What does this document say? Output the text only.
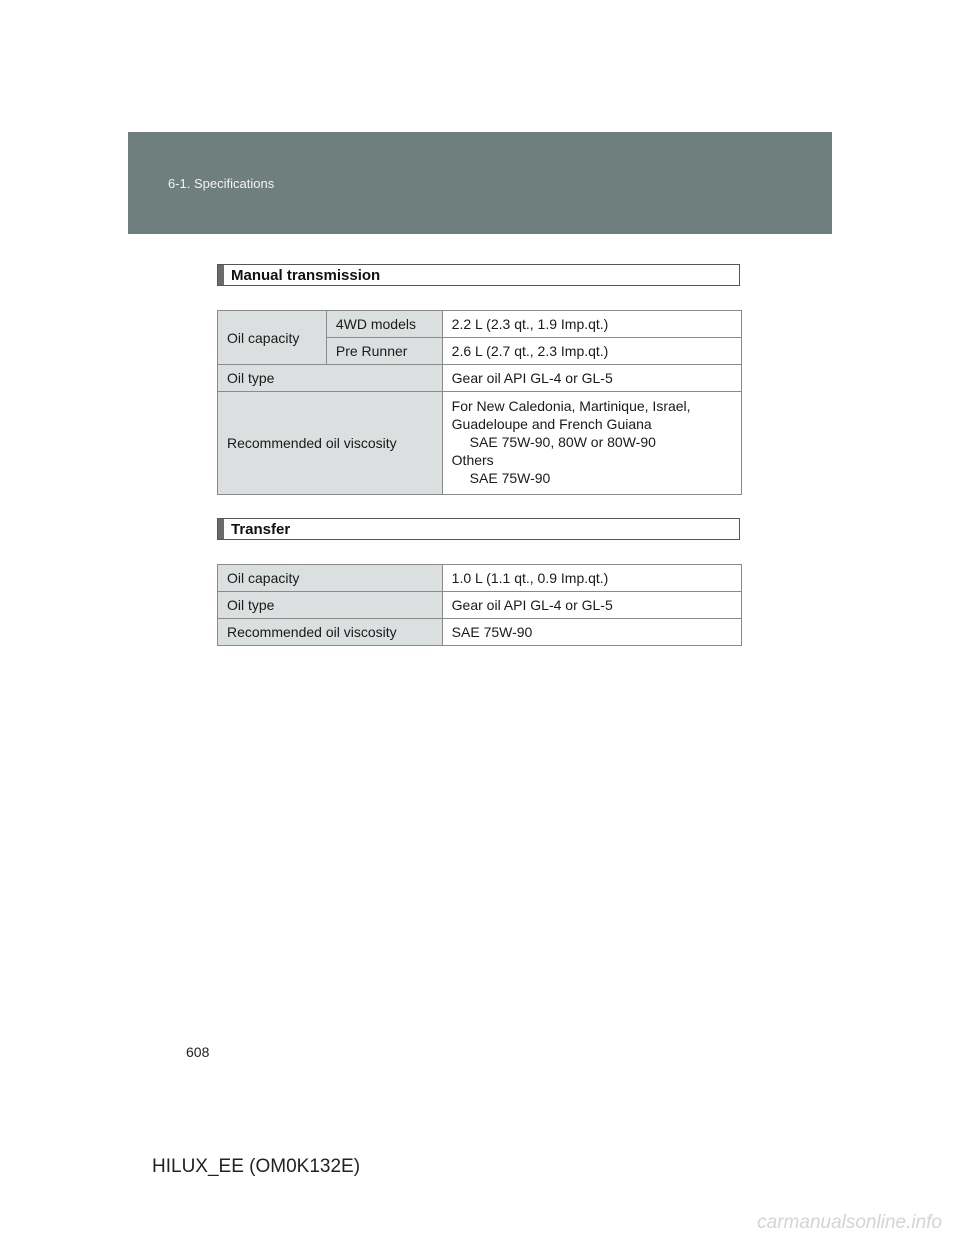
6-1. Specifications
Manual transmission
Oil capacity	4WD models	2.2 L (2.3 qt., 1.9 Imp.qt.)
	Pre Runner	2.6 L (2.7 qt., 2.3 Imp.qt.)
Oil type		Gear oil API GL-4 or GL-5
Recommended oil viscosity		For New Caledonia, Martinique, Israel,
Guadeloupe and French Guiana
SAE 75W-90, 80W or 80W-90
Others
SAE 75W-90
Transfer
Oil capacity	1.0 L (1.1 qt., 0.9 Imp.qt.)
Oil type	Gear oil API GL-4 or GL-5
Recommended oil viscosity	SAE 75W-90
608
HILUX_EE (OM0K132E)
carmanualsonline.info
